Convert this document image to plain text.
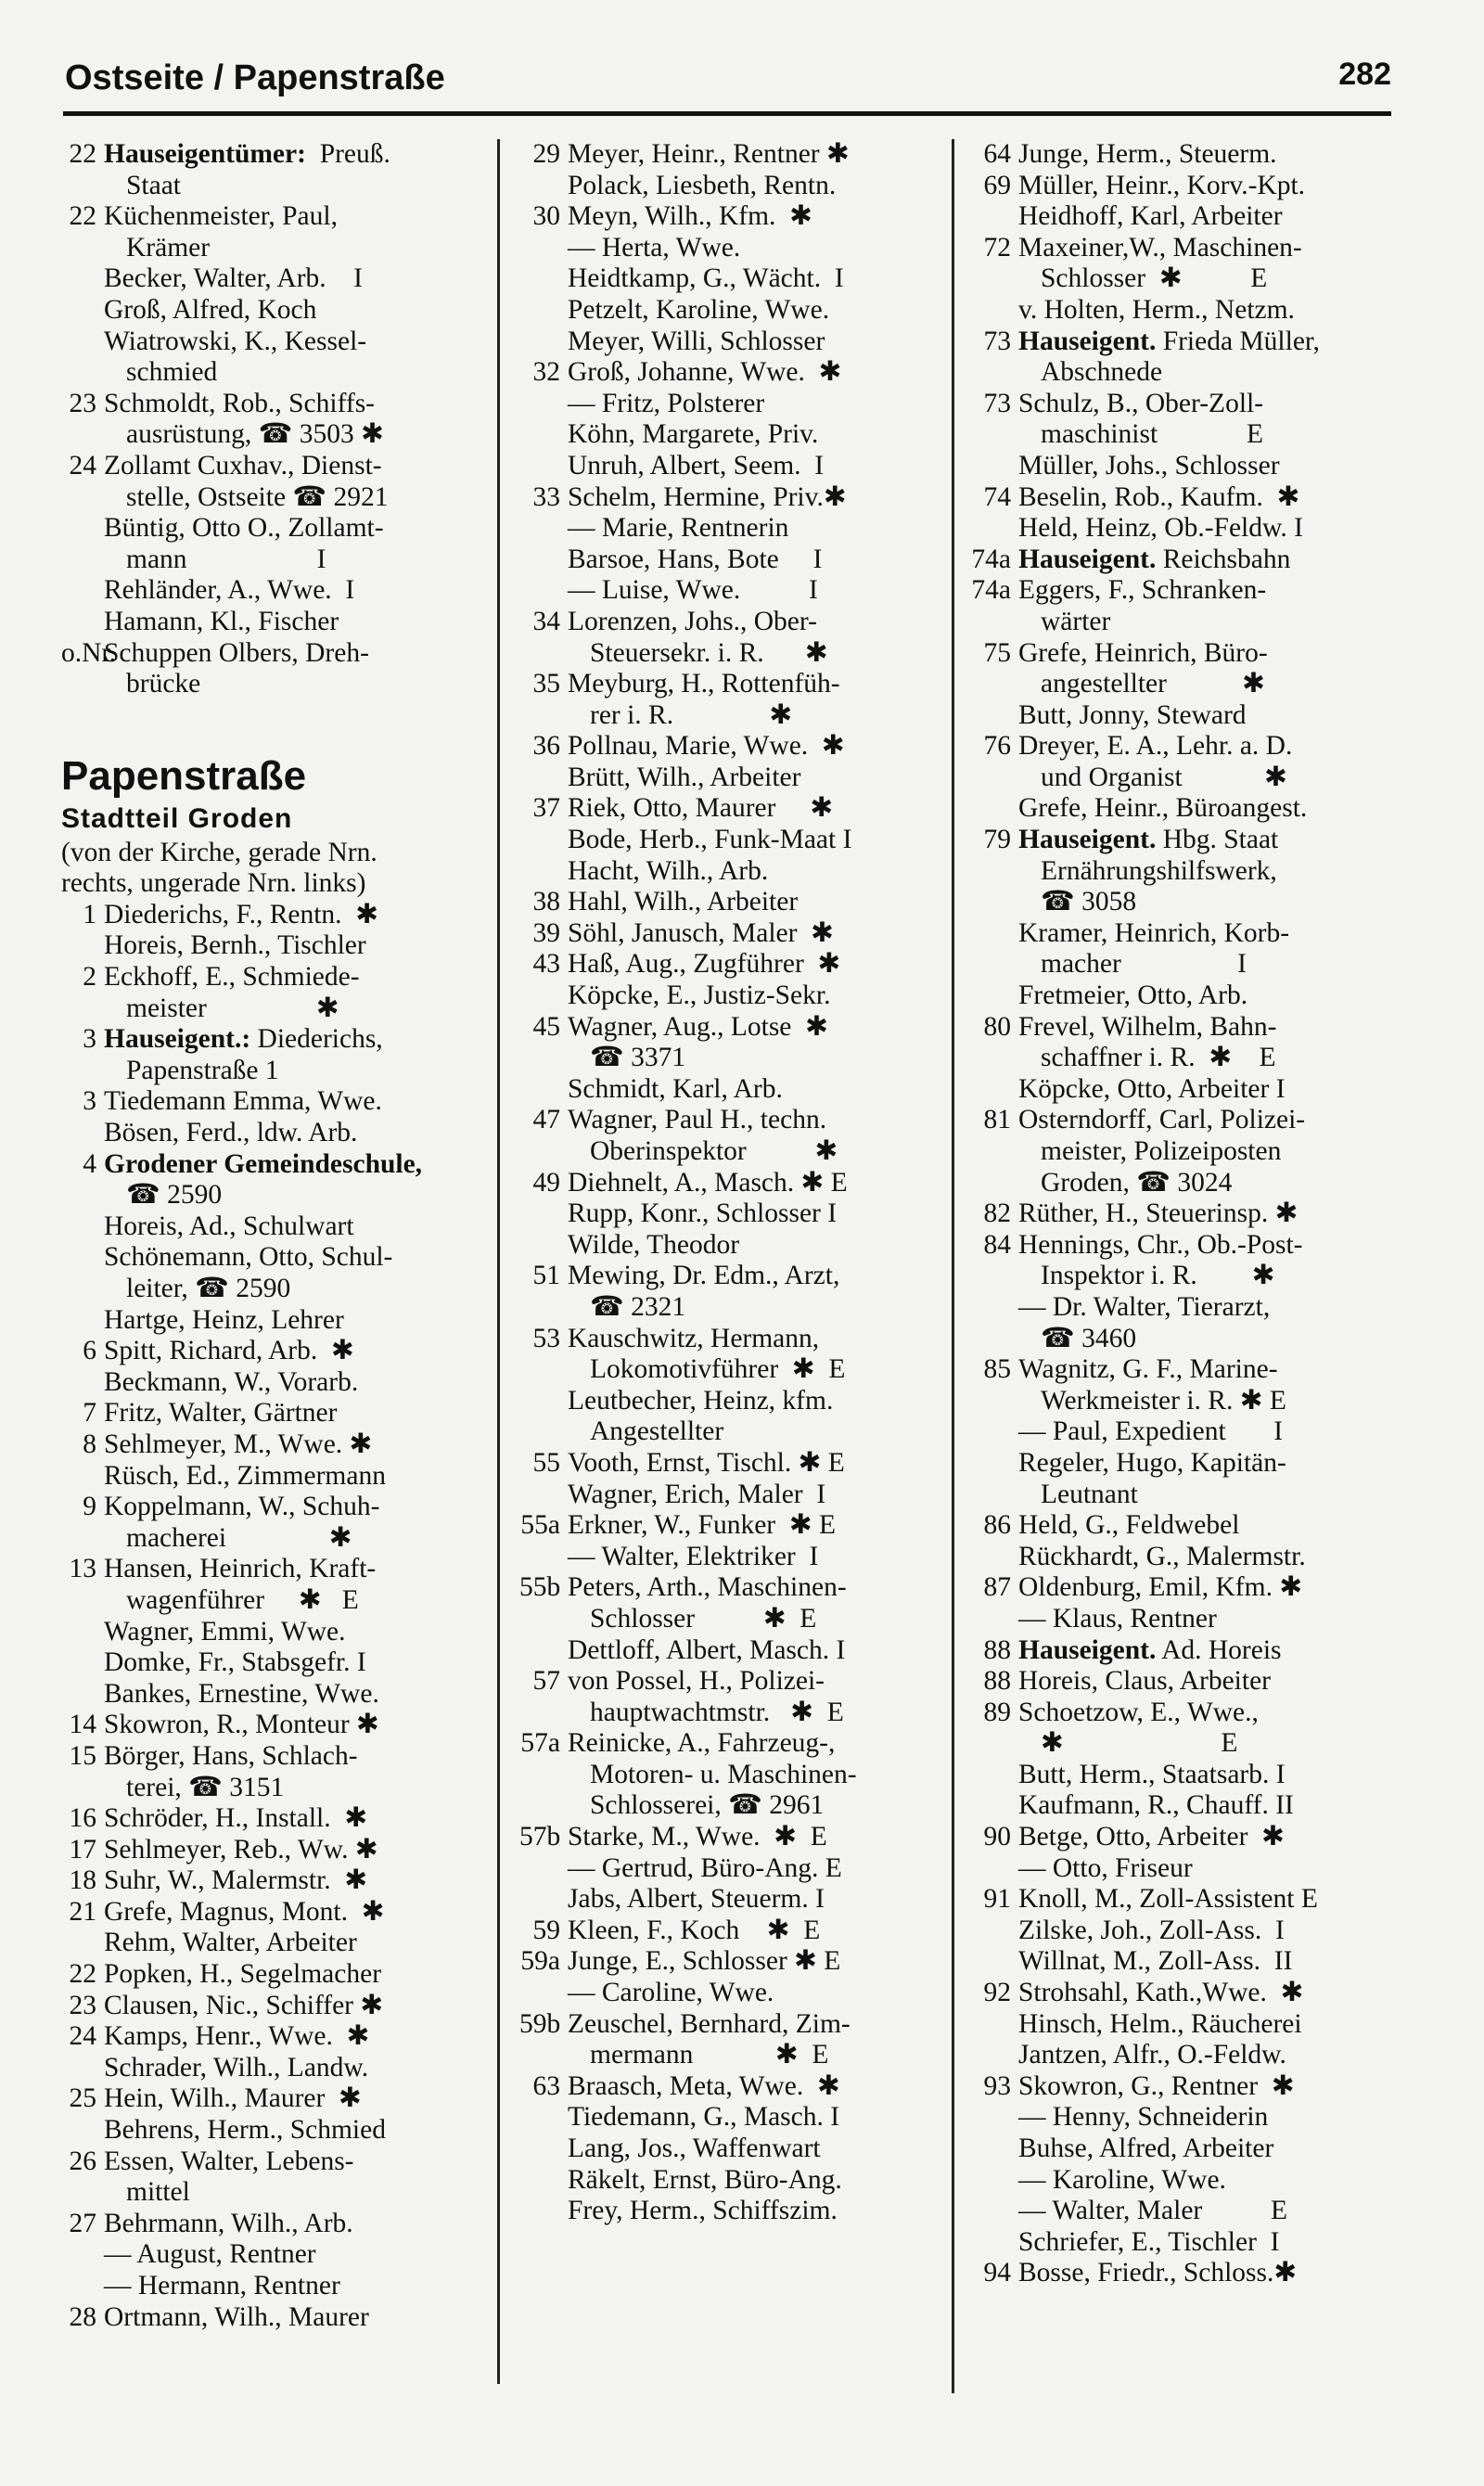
Ostseite / Papenstraße	282
22 Hauseigentümer:  Preuß.
Staat
22 Küchenmeister, Paul,
Krämer
Becker, Walter, Arb.    I
Groß, Alfred, Koch
Wiatrowski, K., Kessel-
schmied
23 Schmoldt, Rob., Schiffs-
ausrüstung, ☎ 3503 ✱
24 Zollamt Cuxhav., Dienst-
stelle, Ostseite ☎ 2921
Büntig, Otto O., Zollamt-
mann                   I
Rehländer, A., Wwe.  I
Hamann, Kl., Fischer
o.Nr.
Schuppen Olbers, Dreh-
brücke
Papenstraße
Stadtteil Groden
(von der Kirche, gerade Nrn.
rechts, ungerade Nrn. links)
1 Diederichs, F., Rentn.  ✱
Horeis, Bernh., Tischler
2 Eckhoff, E., Schmiede-
meister                ✱
3 Hauseigent.: Diederichs,
Papenstraße 1
3 Tiedemann Emma, Wwe.
Bösen, Ferd., ldw. Arb.
4 Grodener Gemeindeschule,
☎ 2590
Horeis, Ad., Schulwart
Schönemann, Otto, Schul-
leiter, ☎ 2590
Hartge, Heinz, Lehrer
6 Spitt, Richard, Arb.  ✱
Beckmann, W., Vorarb.
7 Fritz, Walter, Gärtner
8 Sehlmeyer, M., Wwe. ✱
Rüsch, Ed., Zimmermann
9 Koppelmann, W., Schuh-
macherei               ✱
13 Hansen, Heinrich, Kraft-
wagenführer     ✱   E
Wagner, Emmi, Wwe.
Domke, Fr., Stabsgefr. I
Bankes, Ernestine, Wwe.
14 Skowron, R., Monteur ✱
15 Börger, Hans, Schlach-
terei, ☎ 3151
16 Schröder, H., Install.  ✱
17 Sehlmeyer, Reb., Ww. ✱
18 Suhr, W., Malermstr.  ✱
21 Grefe, Magnus, Mont.  ✱
Rehm, Walter, Arbeiter
22 Popken, H., Segelmacher
23 Clausen, Nic., Schiffer ✱
24 Kamps, Henr., Wwe.  ✱
Schrader, Wilh., Landw.
25 Hein, Wilh., Maurer  ✱
Behrens, Herm., Schmied
26 Essen, Walter, Lebens-
mittel
27 Behrmann, Wilh., Arb.
— August, Rentner
— Hermann, Rentner
28 Ortmann, Wilh., Maurer
29 Meyer, Heinr., Rentner ✱
Polack, Liesbeth, Rentn.
30 Meyn, Wilh., Kfm.  ✱
— Herta, Wwe.
Heidtkamp, G., Wächt.  I
Petzelt, Karoline, Wwe.
Meyer, Willi, Schlosser
32 Groß, Johanne, Wwe.  ✱
— Fritz, Polsterer
Köhn, Margarete, Priv.
Unruh, Albert, Seem.  I
33 Schelm, Hermine, Priv.✱
— Marie, Rentnerin
Barsoe, Hans, Bote     I
— Luise, Wwe.          I
34 Lorenzen, Johs., Ober-
Steuersekr. i. R.      ✱
35 Meyburg, H., Rottenfüh-
rer i. R.              ✱
36 Pollnau, Marie, Wwe.  ✱
Brütt, Wilh., Arbeiter
37 Riek, Otto, Maurer     ✱
Bode, Herb., Funk-Maat I
Hacht, Wilh., Arb.
38 Hahl, Wilh., Arbeiter
39 Söhl, Janusch, Maler  ✱
43 Haß, Aug., Zugführer  ✱
Köpcke, E., Justiz-Sekr.
45 Wagner, Aug., Lotse  ✱
☎ 3371
Schmidt, Karl, Arb.
47 Wagner, Paul H., techn.
Oberinspektor          ✱
49 Diehnelt, A., Masch. ✱ E
Rupp, Konr., Schlosser I
Wilde, Theodor
51 Mewing, Dr. Edm., Arzt,
☎ 2321
53 Kauschwitz, Hermann,
Lokomotivführer  ✱  E
Leutbecher, Heinz, kfm.
Angestellter
55 Vooth, Ernst, Tischl. ✱ E
Wagner, Erich, Maler  I
55a Erkner, W., Funker  ✱ E
— Walter, Elektriker  I
55b Peters, Arth., Maschinen-
Schlosser          ✱  E
Dettloff, Albert, Masch. I
57 von Possel, H., Polizei-
hauptwachtmstr.   ✱  E
57a Reinicke, A., Fahrzeug-,
Motoren- u. Maschinen-
Schlosserei, ☎ 2961
57b Starke, M., Wwe.  ✱  E
— Gertrud, Büro-Ang. E
Jabs, Albert, Steuerm. I
59 Kleen, F., Koch    ✱  E
59a Junge, E., Schlosser ✱ E
— Caroline, Wwe.
59b Zeuschel, Bernhard, Zim-
mermann            ✱  E
63 Braasch, Meta, Wwe.  ✱
Tiedemann, G., Masch. I
Lang, Jos., Waffenwart
Räkelt, Ernst, Büro-Ang.
Frey, Herm., Schiffszim.
64 Junge, Herm., Steuerm.
69 Müller, Heinr., Korv.-Kpt.
Heidhoff, Karl, Arbeiter
72 Maxeiner,W., Maschinen-
Schlosser  ✱          E
v. Holten, Herm., Netzm.
73 Hauseigent. Frieda Müller,
Abschnede
73 Schulz, B., Ober-Zoll-
maschinist             E
Müller, Johs., Schlosser
74 Beselin, Rob., Kaufm.  ✱
Held, Heinz, Ob.-Feldw. I
74a Hauseigent. Reichsbahn
74a Eggers, F., Schranken-
wärter
75 Grefe, Heinrich, Büro-
angestellter           ✱
Butt, Jonny, Steward
76 Dreyer, E. A., Lehr. a. D.
und Organist            ✱
Grefe, Heinr., Büroangest.
79 Hauseigent. Hbg. Staat
Ernährungshilfswerk,
☎ 3058
Kramer, Heinrich, Korb-
macher                 I
Fretmeier, Otto, Arb.
80 Frevel, Wilhelm, Bahn-
schaffner i. R.  ✱    E
Köpcke, Otto, Arbeiter I
81 Osterndorff, Carl, Polizei-
meister, Polizeiposten
Groden, ☎ 3024
82 Rüther, H., Steuerinsp. ✱
84 Hennings, Chr., Ob.-Post-
Inspektor i. R.        ✱
— Dr. Walter, Tierarzt,
☎ 3460
85 Wagnitz, G. F., Marine-
Werkmeister i. R. ✱ E
— Paul, Expedient       I
Regeler, Hugo, Kapitän-
Leutnant
86 Held, G., Feldwebel
Rückhardt, G., Malermstr.
87 Oldenburg, Emil, Kfm. ✱
— Klaus, Rentner
88 Hauseigent. Ad. Horeis
88 Horeis, Claus, Arbeiter
89 Schoetzow, E., Wwe.,
✱                       E
Butt, Herm., Staatsarb. I
Kaufmann, R., Chauff. II
90 Betge, Otto, Arbeiter  ✱
— Otto, Friseur
91 Knoll, M., Zoll-Assistent E
Zilske, Joh., Zoll-Ass.  I
Willnat, M., Zoll-Ass.  II
92 Strohsahl, Kath.,Wwe.  ✱
Hinsch, Helm., Räucherei
Jantzen, Alfr., O.-Feldw.
93 Skowron, G., Rentner  ✱
— Henny, Schneiderin
Buhse, Alfred, Arbeiter
— Karoline, Wwe.
— Walter, Maler          E
Schriefer, E., Tischler  I
94 Bosse, Friedr., Schloss.✱
